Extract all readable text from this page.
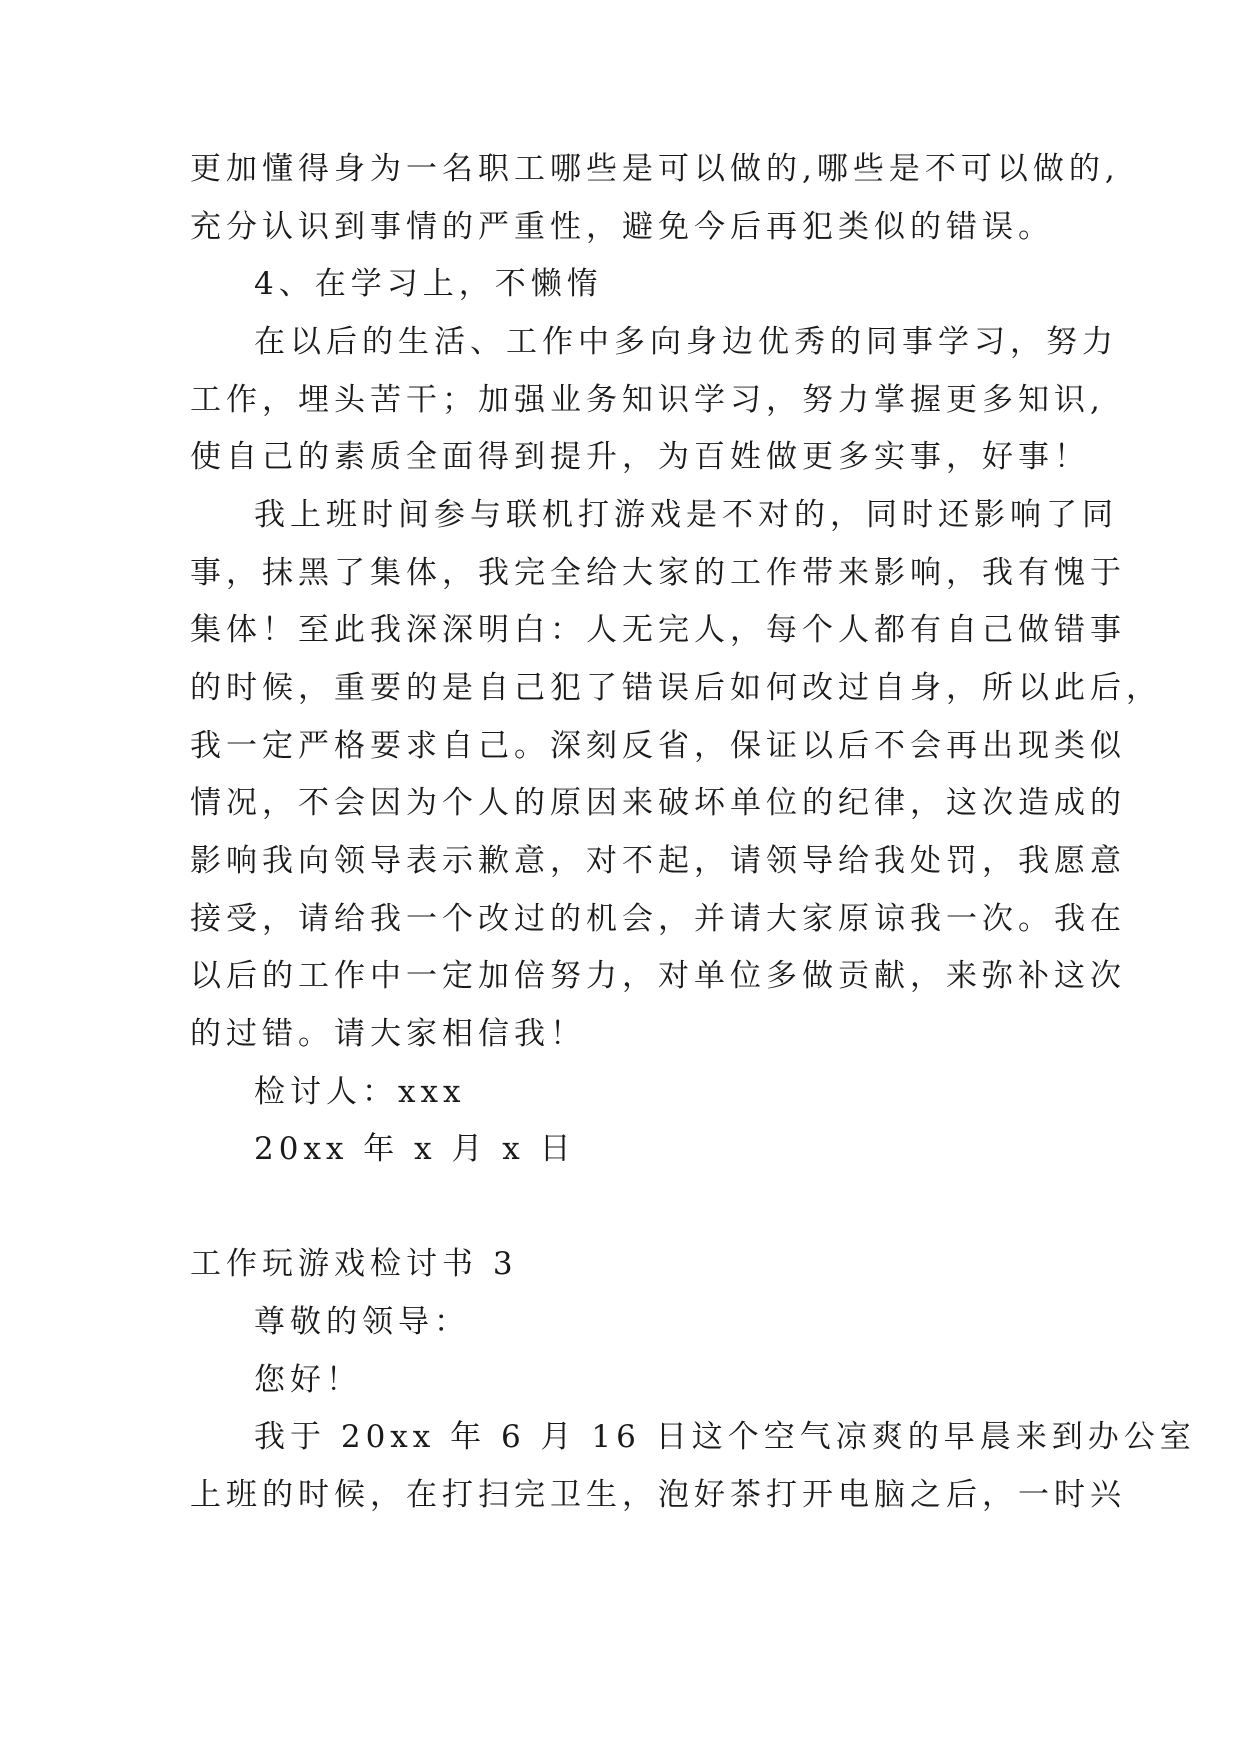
更加懂得身为一名职工哪些是可以做的,哪些是不可以做的,
充分认识到事情的严重性，避免今后再犯类似的错误。
4、在学习上，不懒惰
在以后的生活、工作中多向身边优秀的同事学习，努力
工作，埋头苦干；加强业务知识学习，努力掌握更多知识,
使自己的素质全面得到提升，为百姓做更多实事，好事！
我上班时间参与联机打游戏是不对的，同时还影响了同
事，抹黑了集体，我完全给大家的工作带来影响，我有愧于
集体！至此我深深明白：人无完人，每个人都有自己做错事
的时候，重要的是自己犯了错误后如何改过自身，所以此后，
我一定严格要求自己。深刻反省，保证以后不会再出现类似
情况，不会因为个人的原因来破坏单位的纪律，这次造成的
影响我向领导表示歉意，对不起，请领导给我处罚，我愿意
接受，请给我一个改过的机会，并请大家原谅我一次。我在
以后的工作中一定加倍努力，对单位多做贡献，来弥补这次
的过错。请大家相信我！
检讨人：xxx
20xx 年 x 月 x 日
工作玩游戏检讨书 3
尊敬的领导：
您好！
我于 20xx 年 6 月 16 日这个空气凉爽的早晨来到办公室
上班的时候，在打扫完卫生，泡好茶打开电脑之后，一时兴
